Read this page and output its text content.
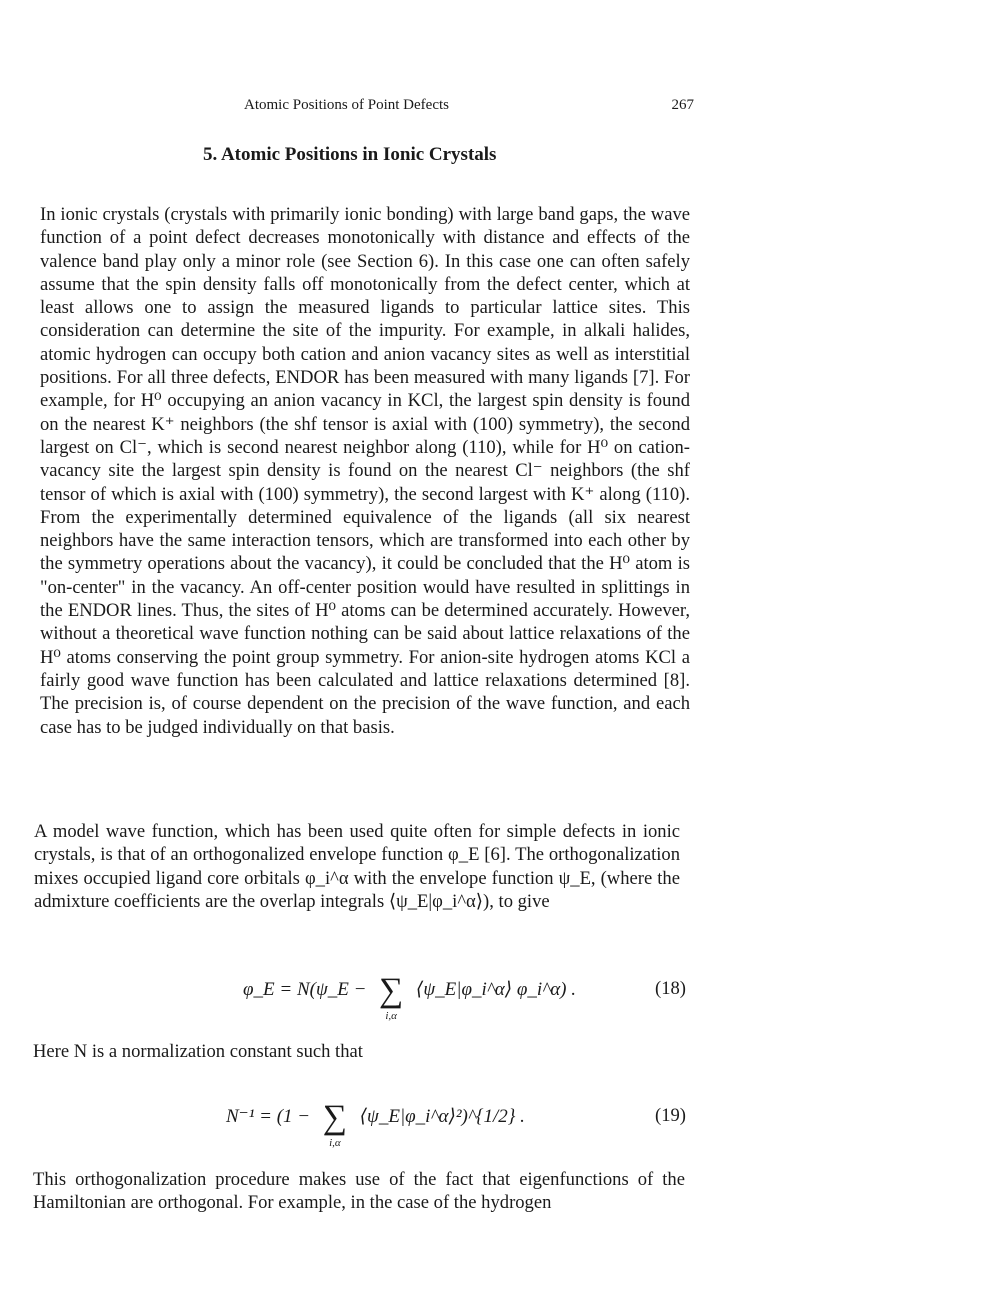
Atomic Positions of Point Defects	267
5. Atomic Positions in Ionic Crystals

In ionic crystals (crystals with primarily ionic bonding) with large band gaps, the wave function of a point defect decreases monotonically with distance and effects of the valence band play only a minor role (see Section 6). In this case one can often safely assume that the spin density falls off monotonically from the defect center, which at least allows one to assign the measured ligands to particular lattice sites. This consideration can determine the site of the impurity. For example, in alkali halides, atomic hydrogen can occupy both cation and anion vacancy sites as well as interstitial positions. For all three defects, ENDOR has been measured with many ligands [7]. For example, for H⁰ occupying an anion vacancy in KCl, the largest spin density is found on the nearest K⁺ neighbors (the shf tensor is axial with (100) symmetry), the second largest on Cl⁻, which is second nearest neighbor along (110), while for H⁰ on cation-vacancy site the largest spin density is found on the nearest Cl⁻ neighbors (the shf tensor of which is axial with (100) symmetry), the second largest with K⁺ along (110). From the experimentally determined equivalence of the ligands (all six nearest neighbors have the same interaction tensors, which are transformed into each other by the symmetry operations about the vacancy), it could be concluded that the H⁰ atom is "on-center" in the vacancy. An off-center position would have resulted in splittings in the ENDOR lines. Thus, the sites of H⁰ atoms can be determined accurately. However, without a theoretical wave function nothing can be said about lattice relaxations of the H⁰ atoms conserving the point group symmetry. For anion-site hydrogen atoms KCl a fairly good wave function has been calculated and lattice relaxations determined [8]. The precision is, of course dependent on the precision of the wave function, and each case has to be judged individually on that basis.

A model wave function, which has been used quite often for simple defects in ionic crystals, is that of an orthogonalized envelope function φ_E [6]. The orthogonalization mixes occupied ligand core orbitals φ_i^α with the envelope function ψ_E, (where the admixture coefficients are the overlap integrals ⟨ψ_E|φ_i^α⟩), to give

φ_E = N(ψ_E − ∑
i,α
⟨ψ_E|φ_i^α⟩ φ_i^α) .	(18)

Here N is a normalization constant such that

N⁻¹ = (1 − ∑
i,α
⟨ψ_E|φ_i^α⟩²)^{1/2} .	(19)

This orthogonalization procedure makes use of the fact that eigenfunctions of the Hamiltonian are orthogonal. For example, in the case of the hydrogen
